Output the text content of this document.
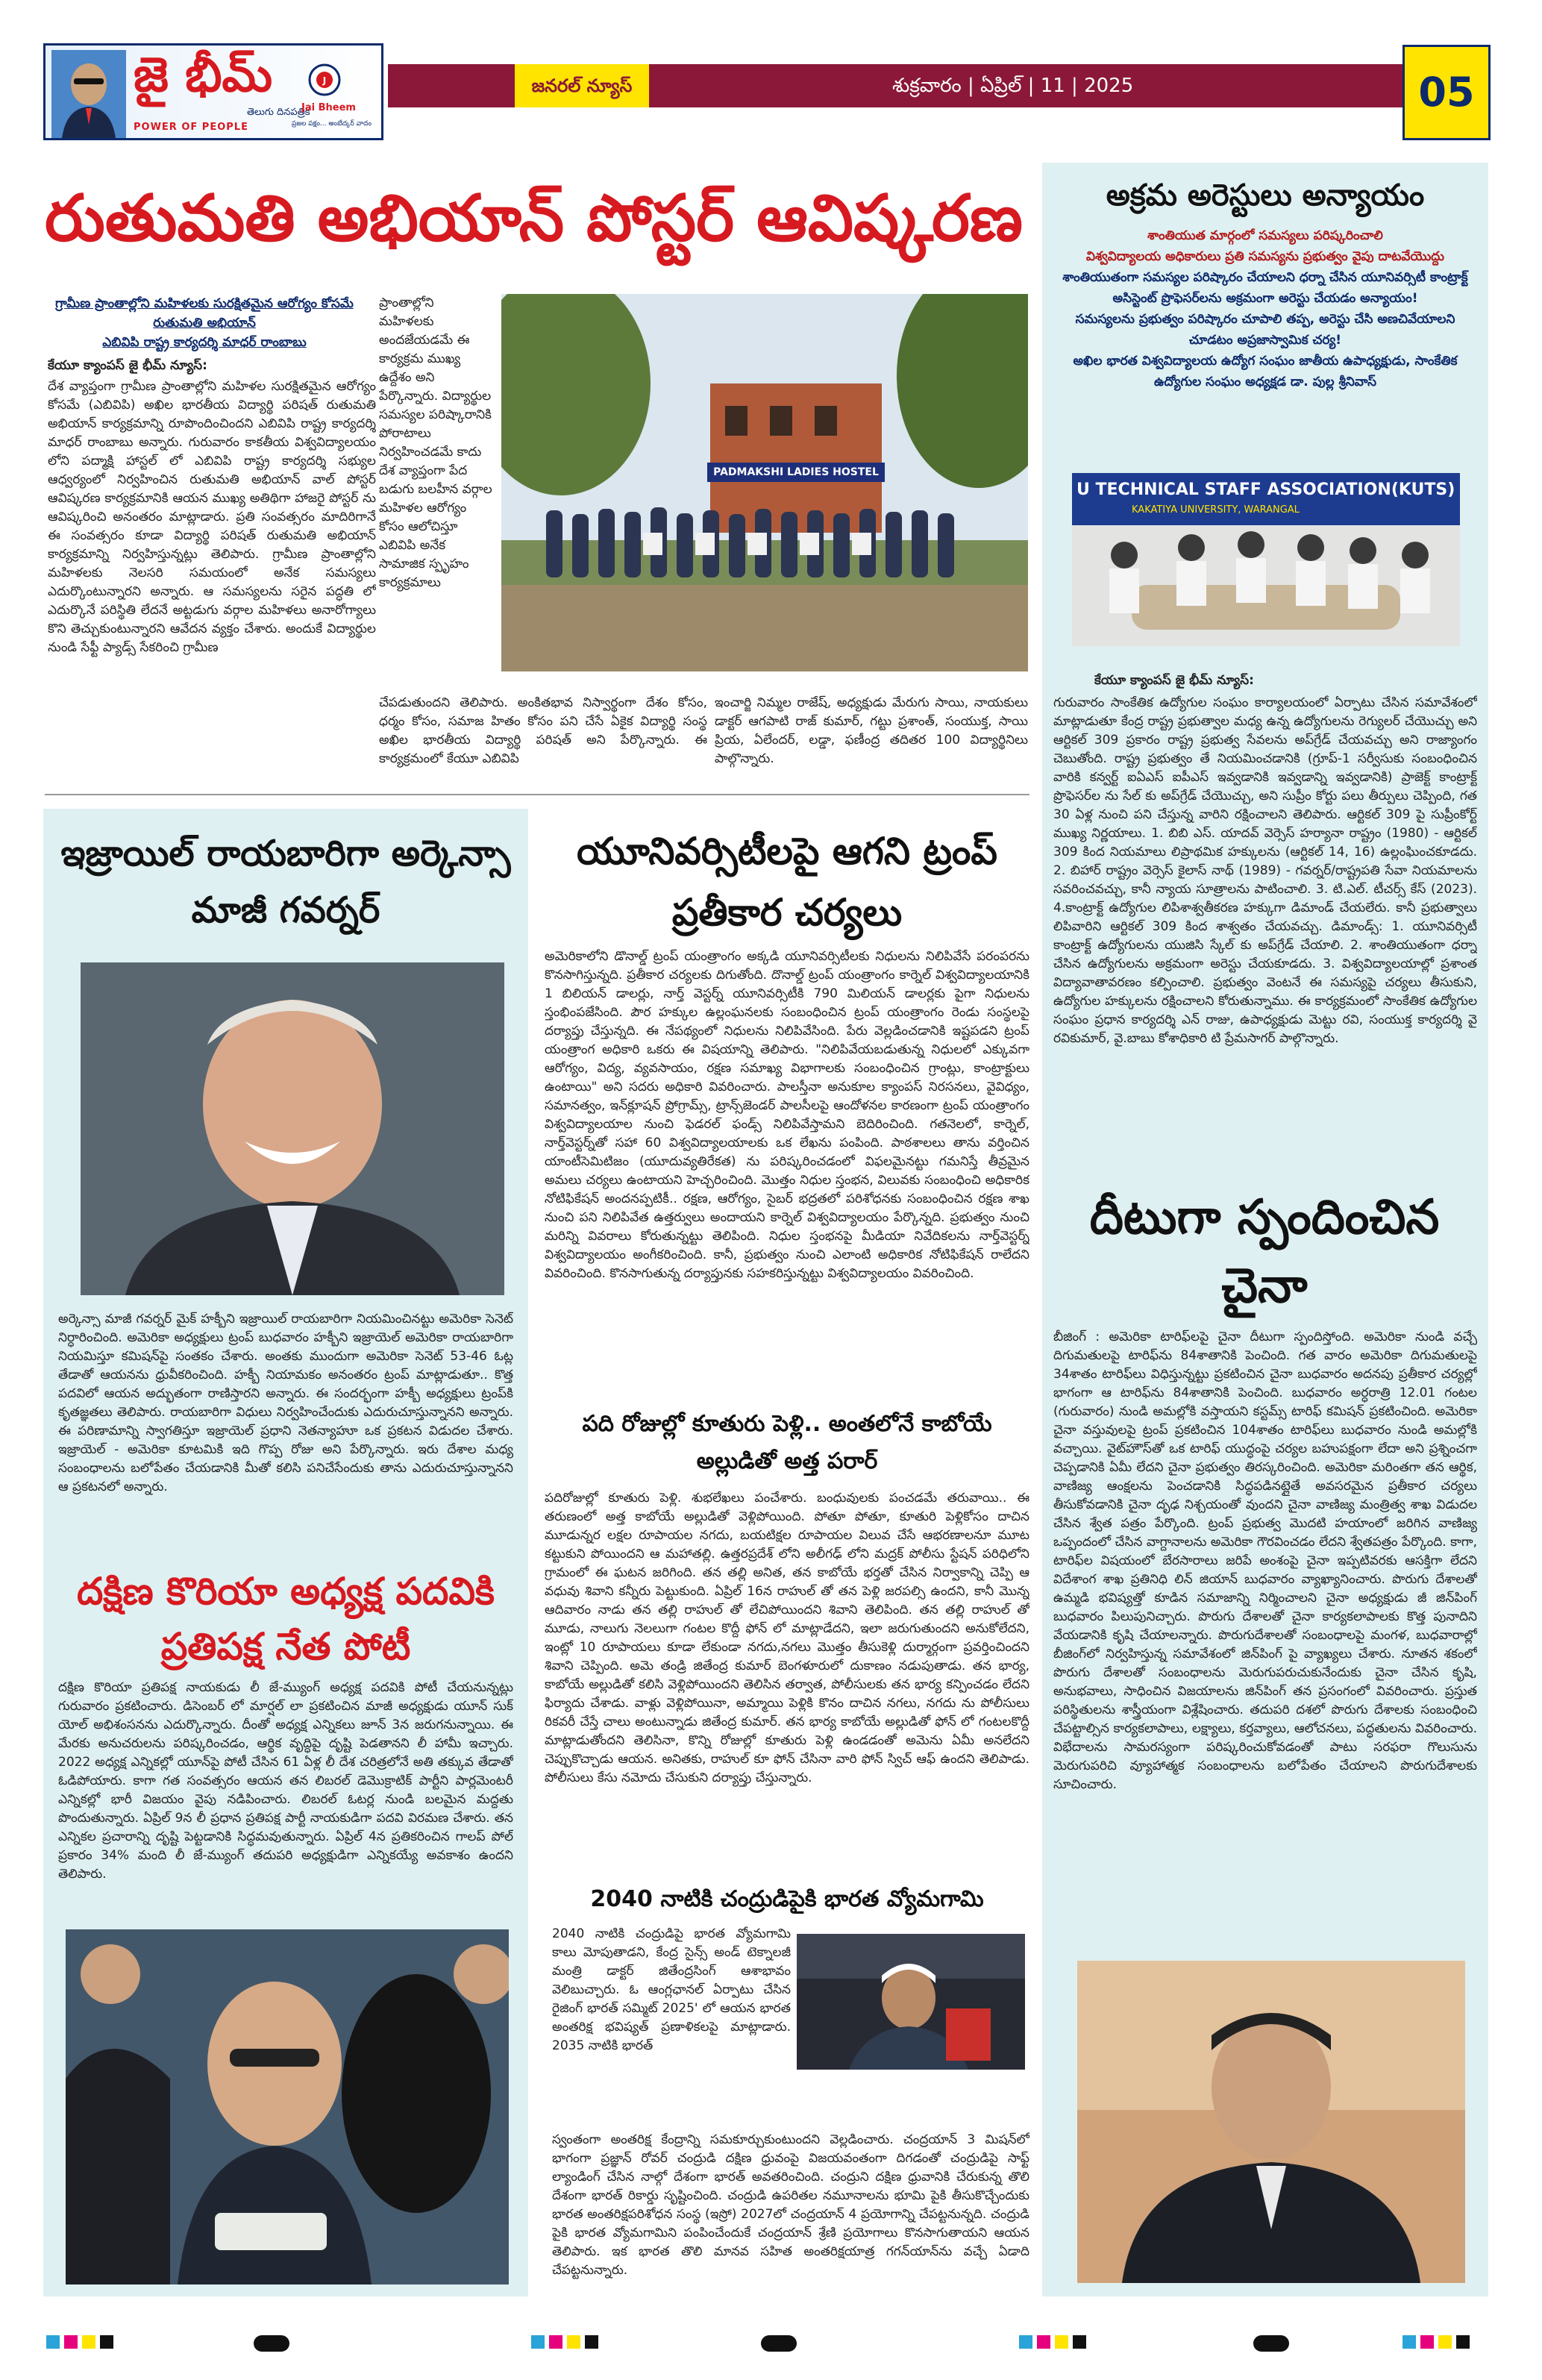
జై భీమ్
తెలుగు దినపత్రిక
POWER OF PEOPLE
J
Jai Bheem
ప్రజల పక్షం... అంబేద్కర్ వాదం
జనరల్ న్యూస్	శుక్రవారం | ఏప్రిల్ | 11 | 2025	05
రుతుమతి అభియాన్ పోస్టర్ ఆవిష్కరణ
గ్రామీణ ప్రాంతాల్లోని మహిళలకు సురక్షితమైన ఆరోగ్యం కోసమే రుతుమతి అభియాన్
ఎబివిపి రాష్ట్ర కార్యదర్శి మాధర్ రాంబాబు
కేయూ క్యాంపస్ జై భీమ్ న్యూస్:
దేశ వ్యాప్తంగా గ్రామీణ ప్రాంతాల్లోని మహిళల సురక్షితమైన ఆరోగ్యం కోసమే (ఎబివిపి) అఖిల భారతీయ విద్యార్థి పరిషత్ రుతుమతి అభియాన్ కార్యక్రమాన్ని రూపొందించిందని ఎబివిపి రాష్ట్ర కార్యదర్శి మాధర్ రాంబాబు అన్నారు. గురువారం కాకతీయ విశ్వవిద్యాలయం లోని పద్మాక్షి హాస్టల్ లో ఎబివిపి రాష్ట్ర కార్యదర్శి సభ్యుల ఆధ్వర్యంలో నిర్వహించిన రుతుమతి అభియాన్ వాల్ పోస్టర్ ఆవిష్కరణ కార్యక్రమానికి ఆయన ముఖ్య అతిథిగా హాజరై పోస్టర్ ను ఆవిష్కరించి అనంతరం మాట్లాడారు. ప్రతి సంవత్సరం మాదిరిగానే ఈ సంవత్సరం కూడా విద్యార్థి పరిషత్ రుతుమతి అభియాన్ కార్యక్రమాన్ని నిర్వహిస్తున్నట్లు తెలిపారు. గ్రామీణ ప్రాంతాల్లోని మహిళలకు నెలసరి సమయంలో అనేక సమస్యలు ఎదుర్కొంటున్నారని అన్నారు. ఆ సమస్యలను సరైన పద్ధతి లో ఎదుర్కొనే పరిస్థితి లేదనే అట్టడుగు వర్గాల మహిళలు అనారోగ్యాలు కొని తెచ్చుకుంటున్నారని ఆవేదన వ్యక్తం చేశారు. అందుకే విద్యార్థుల నుండి సేఫ్టీ ప్యాడ్స్ సేకరించి గ్రామీణ
ప్రాంతాల్లోని మహిళలకు అందజేయడమే ఈ కార్యక్రమ ముఖ్య ఉద్దేశం అని పేర్కొన్నారు. విద్యార్థుల సమస్యల పరిష్కారానికి పోరాటాలు నిర్వహించడమే కాదు దేశ వ్యాప్తంగా పేద బడుగు బలహీన వర్గాల మహిళల ఆరోగ్యం కోసం ఆలోచిస్తూ ఎబివిపి అనేక సామాజిక స్పృహం కార్యక్రమాలు
చేపడుతుందని తెలిపారు. అంకితభావ నిస్వార్థంగా దేశం కోసం, ధర్మం కోసం, సమాజ హితం కోసం పని చేసే ఏకైక విద్యార్థి సంస్థ అఖిల భారతీయ విద్యార్థి పరిషత్ అని పేర్కొన్నారు. ఈ కార్యక్రమంలో కేయూ ఎబివిపి
ఇంచార్జి నిమ్మల రాజేష్, అధ్యక్షుడు మేరుగు సాయి, నాయకులు డాక్టర్ ఆగపాటి రాజ్ కుమార్, గట్టు ప్రశాంత్, సంయుక్త, సాయి ప్రియ, ఏలేందర్, లడ్డా, ఫణీంద్ర తదితర 100 విద్యార్థినిలు పాల్గొన్నారు.
PADMAKSHI LADIES HOSTEL
అక్రమ అరెస్టులు అన్యాయం
శాంతియుత మార్గంలో సమస్యలు పరిష్కరించాలి
విశ్వవిద్యాలయ అధికారులు ప్రతి సమస్యను ప్రభుత్వం వైపు దాటవేయొద్దు
శాంతియుతంగా సమస్యల పరిష్కారం చేయాలని ధర్నా చేసిన యూనివర్సిటీ కాంట్రాక్ట్ అసిస్టెంట్ ప్రొఫెసర్‌లను అక్రమంగా అరెస్టు చేయడం అన్యాయం!
సమస్యలను ప్రభుత్వం పరిష్కారం చూపాలి తప్ప, అరెస్టు చేసి అణచివేయాలని చూడటం అప్రజాస్వామిక చర్య!
అఖిల భారత విశ్వవిద్యాలయ ఉద్యోగ సంఘం జాతీయ ఉపాధ్యక్షుడు, సాంకేతిక ఉద్యోగుల సంఘం అధ్యక్షడ డా. పుల్ల శ్రీనివాస్
U TECHNICAL STAFF ASSOCIATION(KUTS)
KAKATIYA UNIVERSITY, WARANGAL
కేయూ క్యాంపస్ జై భీమ్ న్యూస్:
గురువారం సాంకేతిక ఉద్యోగుల సంఘం కార్యాలయంలో ఏర్పాటు చేసిన సమావేశంలో మాట్లాడుతూ కేంద్ర రాష్ట్ర ప్రభుత్వాల మధ్య ఉన్న ఉద్యోగులను రెగ్యులర్ చేయొచ్చు అని ఆర్టికల్ 309 ప్రకారం రాష్ట్ర ప్రభుత్వ సేవలను అప్‌గ్రేడ్ చేయవచ్చు అని రాజ్యాంగం చెబుతోంది. రాష్ట్ర ప్రభుత్వం తే నియమించడానికి (గ్రూప్-1 సర్వీసుకు సంబంధించిన వారికి కన్వర్ట్ ఐఏఎస్ ఐపీఎస్ ఇవ్వడానికి ఇవ్వడాన్ని ఇవ్వడానికి) ప్రాజెక్ట్ కాంట్రాక్ట్ ప్రొఫెసర్‌ల ను సేల్ కు అప్‌గ్రేడ్ చేయొచ్చు, అని సుప్రీం కోర్టు పలు తీర్పులు చెప్పింది, గత 30 ఏళ్ల నుంచి పని చేస్తున్న వారిని రక్షించాలని తెలిపారు. ఆర్టికల్ 309 పై సుప్రీంకోర్ట్ ముఖ్య నిర్ణయాలు. 1. బిబి ఎస్. యాదవ్ వెర్సెస్ హర్యానా రాష్ట్రం (1980) - ఆర్టికల్ 309 కింద నియమాలు లిప్రాథమిక హక్కులను (ఆర్టికల్ 14, 16) ఉల్లంఘించకూడదు. 2. బిహార్ రాష్ట్రం వెర్సెస్ కైలాస్ నాథ్ (1989) - గవర్నర్/రాష్ట్రపతి సేవా నియమాలను సవరించవచ్చు, కానీ న్యాయ సూత్రాలను పాటించాలి. 3. టి.ఎల్. టీచర్స్ కేస్ (2023). 4.కాంట్రాక్ట్ ఉద్యోగుల లిపిశాశ్వతీకరణ హక్కుగా డిమాండ్ చేయలేరు. కానీ ప్రభుత్వాలు లిపివారిని ఆర్టికల్ 309 కింద శాశ్వతం చేయవచ్చు. డిమాండ్స్: 1. యూనివర్సిటీ కాంట్రాక్ట్ ఉద్యోగులను యుజిసి స్కేల్ కు అప్‌గ్రేడ్ చేయాలి. 2. శాంతియుతంగా ధర్నా చేసిన ఉద్యోగులను అక్రమంగా అరెస్టు చేయకూడదు. 3. విశ్వవిద్యాలయాల్లో ప్రశాంత విద్యావాతావరణం కల్పించాలి. ప్రభుత్వం వెంటనే ఈ సమస్యపై చర్యలు తీసుకుని, ఉద్యోగుల హక్కులను రక్షించాలని కోరుతున్నాము. ఈ కార్యక్రమంలో సాంకేతిక ఉద్యోగుల సంఘం ప్రధాన కార్యదర్శి ఎన్ రాజు, ఉపాధ్యక్షుడు మెట్టు రవి, సంయుక్త కార్యదర్శి వై రవికుమార్, వై.బాబు కోశాధికారి టి ప్రేమసాగర్ పాల్గొన్నారు.
దీటుగా స్పందించిన చైనా
బీజింగ్ : అమెరికా టారిఫ్‌లపై చైనా దీటుగా స్పందిస్తోంది. అమెరికా నుండి వచ్చే దిగుమతులపై టారిఫ్‌ను 84శాతానికి పెంచింది. గత వారం అమెరికా దిగుమతులపై 34శాతం టారిఫ్‌లు విధిస్తున్నట్టు ప్రకటించిన చైనా బుధవారం అదనపు ప్రతీకార చర్యల్లో భాగంగా ఆ టారిఫ్‌ను 84శాతానికి పెంచింది. బుధవారం అర్ధరాత్రి 12.01 గంటల (గురువారం) నుండి అమల్లోకి వస్తాయని కస్టమ్స్ టారిఫ్ కమిషన్ ప్రకటించింది. అమెరికా చైనా వస్తువులపై ట్రంప్ ప్రకటించిన 104శాతం టారిఫ్‌లు బుధవారం నుండి అమల్లోకి వచ్చాయి. వైట్‌హౌస్‌తో ఒక టారిఫ్ యుద్ధంపై చర్యల బహుపక్షంగా లేదా అని ప్రశ్నించగా చెప్పడానికి ఏమీ లేదని చైనా ప్రభుత్వం తిరస్కరించింది. అమెరికా మరింతగా తన ఆర్థిక, వాణిజ్య ఆంక్షలను పెంచడానికి సిద్ధపడినట్లైతే అవసరమైన ప్రతీకార చర్యలు తీసుకోవడానికి చైనా దృఢ నిశ్చయంతో వుందని చైనా వాణిజ్య మంత్రిత్వ శాఖ విడుదల చేసిన శ్వేత పత్రం పేర్కొంది. ట్రంప్ ప్రభుత్వ మొదటి హయాంలో జరిగిన వాణిజ్య ఒప్పందంలో చేసిన వాగ్దానాలను అమెరికా గౌరవించడం లేదని శ్వేతపత్రం పేర్కొంది. కాగా, టారిఫ్‌ల విషయంలో బేరసారాలు జరిపే అంశంపై చైనా ఇప్పటివరకు ఆసక్తిగా లేదని విదేశాంగ శాఖ ప్రతినిధి లిన్ జియాన్ బుధవారం వ్యాఖ్యానించారు. పొరుగు దేశాలతో ఉమ్మడి భవిష్యత్తో కూడిన సమాజాన్ని నిర్మించాలని చైనా అధ్యక్షుడు జీ జిన్‌పింగ్ బుధవారం పిలుపునిచ్చారు. పొరుగు దేశాలతో చైనా కార్యకలాపాలకు కొత్త పునాదిని వేయడానికి కృషి చేయాలన్నారు. పొరుగుదేశాలతో సంబంధాలపై మంగళ, బుధవారాల్లో బీజింగ్‌లో నిర్వహిస్తున్న సమావేశంలో జిన్‌పింగ్ పై వ్యాఖ్యలు చేశారు. నూతన శకంలో పొరుగు దేశాలతో సంబంధాలను మెరుగుపరుచుకునేందుకు చైనా చేసిన కృషి, అనుభవాలు, సాధించిన విజయాలను జిన్‌పింగ్ తన ప్రసంగంలో వివరించారు. ప్రస్తుత పరిస్థితులను శాస్త్రీయంగా విశ్లేషించారు. తదుపరి దశలో పొరుగు దేశాలకు సంబంధించి చేపట్టాల్సిన కార్యకలాపాలు, లక్ష్యాలు, కర్తవ్యాలు, ఆలోచనలు, పద్ధతులను వివరించారు. విభేదాలను సామరస్యంగా పరిష్కరించుకోవడంతో పాటు సరఫరా గొలుసును మెరుగుపరిచి వ్యూహాత్మక సంబంధాలను బలోపేతం చేయాలని పొరుగుదేశాలకు సూచించారు.
ఇజ్రాయిల్ రాయబారిగా అర్కెన్సా మాజీ గవర్నర్
అర్కెన్సా మాజీ గవర్నర్ మైక్ హక్బీని ఇజ్రాయిల్ రాయబారిగా నియమించినట్టు అమెరికా సెనెట్ నిర్ధారించింది. అమెరికా అధ్యక్షులు ట్రంప్ బుధవారం హక్బీని ఇజ్రాయెల్ అమెరికా రాయబారిగా నియమిస్తూ కమిషన్‌పై సంతకం చేశారు. అంతకు ముందుగా అమెరికా సెనెట్ 53-46 ఓట్ల తేడాతో ఆయనను ధ్రువీకరించింది. హక్బీ నియామకం అనంతరం ట్రంప్ మాట్లాడుతూ.. కొత్త పదవిలో ఆయన అద్భుతంగా రాణిస్తారని అన్నారు. ఈ సందర్భంగా హక్బీ అధ్యక్షులు ట్రంప్‌కి కృతజ్ఞతలు తెలిపారు. రాయబారిగా విధులు నిర్వహించేందుకు ఎదురుచూస్తున్నానని అన్నారు. ఈ పరిణామాన్ని స్వాగతిస్తూ ఇజ్రాయెల్ ప్రధాని నెతన్యాహూ ఒక ప్రకటన విడుదల చేశారు. ఇజ్రాయెల్ - అమెరికా కూటమికి ఇది గొప్ప రోజు అని పేర్కొన్నారు. ఇరు దేశాల మధ్య సంబంధాలను బలోపేతం చేయడానికి మీతో కలిసి పనిచేసేందుకు తాను ఎదురుచూస్తున్నానని ఆ ప్రకటనలో అన్నారు.
దక్షిణ కొరియా అధ్యక్ష పదవికి ప్రతిపక్ష నేత పోటీ
దక్షిణ కొరియా ప్రతిపక్ష నాయకుడు లీ జే-మ్యుంగ్ అధ్యక్ష పదవికి పోటీ చేయనున్నట్లు గురువారం ప్రకటించారు. డిసెంబర్ లో మార్షల్ లా ప్రకటించిన మాజీ అధ్యక్షుడు యూన్ సుక్ యోల్ అభిశంసనను ఎదుర్కొన్నారు. దీంతో అధ్యక్ష ఎన్నికలు జూన్ 3న జరుగనున్నాయి. ఈ మేరకు అనుచరులను పరిష్కరించడం, ఆర్థిక వృద్ధిపై దృష్టి పెడతానని లీ హామీ ఇచ్చారు. 2022 అధ్యక్ష ఎన్నికల్లో యూన్‌పై పోటీ చేసిన 61 ఏళ్ల లీ దేశ చరిత్రలోనే అతి తక్కువ తేడాతో ఓడిపోయారు. కాగా గత సంవత్సరం ఆయన తన లిబరల్ డెమొక్రాటిక్ పార్టీని పార్లమెంటరీ ఎన్నికల్లో భారీ విజయం వైపు నడిపించారు. లిబరల్ ఓటర్ల నుండి బలమైన మద్దతు పొందుతున్నారు. ఏప్రిల్ 9న లీ ప్రధాన ప్రతిపక్ష పార్టీ నాయకుడిగా పదవి విరమణ చేశారు. తన ఎన్నికల ప్రచారాన్ని దృష్టి పెట్టడానికి సిద్ధమవుతున్నారు. ఏప్రిల్ 4న ప్రతికరించిన గాలప్ పోల్ ప్రకారం 34% మంది లీ జే-మ్యుంగ్ తదుపరి అధ్యక్షుడిగా ఎన్నికయ్యే అవకాశం ఉందని తెలిపారు.
యూనివర్సిటీలపై ఆగని ట్రంప్ ప్రతీకార చర్యలు
అమెరికాలోని డొనాల్డ్ ట్రంప్ యంత్రాంగం అక్కడి యూనివర్సిటీలకు నిధులను నిలిపివేసే పరంపరను కొనసాగిస్తున్నది. ప్రతీకార చర్యలకు దిగుతోంది. దొనాల్డ్ ట్రంప్ యంత్రాంగం కార్నెల్ విశ్వవిద్యాలయానికి 1 బిలియన్ డాలర్లు, నార్త్ వెస్టర్న్ యూనివర్సిటీకి 790 మిలియన్ డాలర్లకు పైగా నిధులను స్తంభింపజేసింది. పౌర హక్కుల ఉల్లంఘనలకు సంబంధించిన ట్రంప్ యంత్రాంగం రెండు సంస్థలపై దర్యాప్తు చేస్తున్నది. ఈ నేపథ్యంలో నిధులను నిలిపివేసింది. పేరు వెల్లడించడానికి ఇష్టపడని ట్రంప్ యంత్రాంగ అధికారి ఒకరు ఈ విషయాన్ని తెలిపారు. "నిలిపివేయబడుతున్న నిధులలో ఎక్కువగా ఆరోగ్యం, విద్య, వ్యవసాయం, రక్షణ సమాఖ్య విభాగాలకు సంబంధించిన గ్రాంట్లు, కాంట్రాక్టులు ఉంటాయి" అని సదరు అధికారి వివరించారు. పాలస్తీనా అనుకూల క్యాంపస్ నిరసనలు, వైవిధ్యం, సమానత్వం, ఇన్‌క్లూషన్ ప్రోగ్రామ్స్, ట్రాన్స్‌జెండర్ పాలసీలపై ఆందోళనల కారణంగా ట్రంప్ యంత్రాంగం విశ్వవిద్యాలయాల నుంచి ఫెడరల్ ఫండ్స్ నిలిపివేస్తామని బెదిరించింది. గతనెలలో, కార్నెల్, నార్త్‌వెస్టర్న్‌తో సహా 60 విశ్వవిద్యాలయాలకు ఒక లేఖను పంపింది. పాఠశాలలు తాను వర్తించిన యాంటీసెమిటిజం (యూదువ్యతిరేకత) ను పరిష్కరించడంలో విఫలమైనట్టు గమనిస్తే తీవ్రమైన అమలు చర్యలు ఉంటాయని హెచ్చరించింది. మొత్తం నిధుల స్తంభన, విలువకు సంబంధించి అధికారిక నోటిఫికేషన్ అందనప్పటికీ.. రక్షణ, ఆరోగ్యం, సైబర్ భద్రతలో పరిశోధనకు సంబంధించిన రక్షణ శాఖ నుంచి పని నిలిపివేత ఉత్తర్వులు అందాయని కార్నెల్ విశ్వవిద్యాలయం పేర్కొన్నది. ప్రభుత్వం నుంచి మరిన్ని వివరాలు కోరుతున్నట్టు తెలిపింది. నిధుల స్తంభనపై మీడియా నివేదికలను నార్త్‌వెస్టర్న్ విశ్వవిద్యాలయం అంగీకరించింది. కానీ, ప్రభుత్వం నుంచి ఎలాంటి అధికారిక నోటిఫికేషన్ రాలేదని వివరించింది. కొనసాగుతున్న దర్యాప్తునకు సహకరిస్తున్నట్టు విశ్వవిద్యాలయం వివరించింది.
పది రోజుల్లో కూతురు పెళ్లి.. అంతలోనే కాబోయే అల్లుడితో అత్త పరార్
పదిరోజుల్లో కూతురు పెళ్లి. శుభలేఖలు పంచేశారు. బంధువులకు పంచడమే తరువాయి.. ఈ తరుణంలో అత్త కాబోయే అల్లుడితో వెళ్లిపోయింది. పోతూ పోతూ, కూతురి పెళ్లికోసం దాచిన మూడున్నర లక్షల రూపాయల నగదు, బయటిక్షల రూపాయల విలువ చేసే ఆభరణాలనూ మూట కట్టుకుని పోయిందని ఆ మహాతల్లి. ఉత్తరప్రదేశ్ లోని అలీగఢ్ లోని మద్రక్ పోలీసు స్టేషన్ పరిధిలోని గ్రామంలో ఈ ఘటన జరిగింది. తన తల్లి అనిత, తన కాబోయే భర్తతో చేసిన నిర్వాకాన్ని చెప్పి ఆ వధువు శివాని కన్నీరు పెట్టుకుంది. ఏప్రిల్ 16న రాహుల్ తో తన పెళ్లి జరపల్సి ఉందని, కానీ మొన్న ఆదివారం నాడు తన తల్లి రాహుల్ తో లేచిపోయిందని శివాని తెలిపింది. తన తల్లి రాహుల్ తో మూడు, నాలుగు నెలలుగా గంటల కొద్దీ ఫోన్ లో మాట్లాడేదని, ఇలా జరుగుతుందని అనుకోలేదని, ఇంట్లో 10 రూపాయలు కూడా లేకుండా నగదు,నగలు మొత్తం తీసుకెళ్లి దుర్మార్గంగా ప్రవర్తించిందని శివాని చెప్పింది. అమె తండ్రి జితేంద్ర కుమార్ బెంగళూరులో దుకాణం నడుపుతాడు. తన భార్య, కాబోయే అల్లుడితో కలిసి వెళ్లిపోయిందని తెలిసిన తర్వాత, పోలీసులకు తన భార్య కన్పించడం లేదని ఫిర్యాదు చేశాడు. వాళ్లు వెళ్లిపోయినా, అమ్మాయి పెళ్లికి కొనం దాచిన నగలు, నగదు ను పోలీసులు రికవరీ చేస్తే చాలు అంటున్నాడు జితేంద్ర కుమార్. తన భార్య కాబోయే అల్లుడితో ఫోన్ లో గంటలకొద్దీ మాట్లాడుతోందని తెలిసినా, కొన్ని రోజుల్లో కూతురు పెళ్లి ఉండడంతో అమెను ఏమీ అనలేదని చెప్పుకొచ్చాడు ఆయన. అనితకు, రాహుల్ కూ ఫోన్ చేసినా వారి ఫోన్ స్విచ్ ఆఫ్ ఉందని తెలిపాడు. పోలీసులు కేసు నమోదు చేసుకుని దర్యాప్తు చేస్తున్నారు.
2040 నాటికి చంద్రుడిపైకి భారత వ్యోమగామి
2040 నాటికి చంద్రుడిపై భారత వ్యోమగామి కాలు మోపుతాడని, కేంద్ర సైన్స్ అండ్ టెక్నాలజీ మంత్రి డాక్టర్ జితేంద్రసింగ్ ఆశాభావం వెలిబుచ్చారు. ఓ ఆంగ్లఛానల్ ఏర్పాటు చేసిన రైజింగ్ భారత్ సమ్మిట్ 2025' లో ఆయన భారత అంతరిక్ష భవిష్యత్ ప్రణాళికలపై మాట్లాడారు. 2035 నాటికి భారత్
స్వంతంగా అంతరిక్ష కేంద్రాన్ని సమకూర్చుకుంటుందని వెల్లడించారు. చంద్రయాన్ 3 మిషన్‌లో భాగంగా ప్రజ్ఞాన్ రోవర్ చంద్రుడి దక్షిణ ధ్రువంపై విజయవంతంగా దిగడంతో చంద్రుడిపై సాఫ్ట్ ల్యాండింగ్ చేసిన నాల్గో దేశంగా భారత్ అవతరించింది. చంద్రుని దక్షిణ ధ్రువానికి చేరుకున్న తొలి దేశంగా భారత్ రికార్డు సృష్టించింది. చంద్రుడి ఉపరితల నమూనాలను భూమి పైకి తీసుకొచ్చేందుకు భారత అంతరిక్షపరిశోధన సంస్థ (ఇస్రో) 2027లో చంద్రయాన్ 4 ప్రయోగాన్ని చేపట్టనున్నది. చంద్రుడి పైకి భారత వ్యోమగామిని పంపించేందుకే చంద్రయాన్ శ్రేణి ప్రయోగాలు కొనసాగుతాయని ఆయన తెలిపారు. ఇక భారత తొలి మానవ సహిత అంతరిక్షయాత్ర గగన్‌యాన్‌ను వచ్చే ఏడాది చేపట్టనున్నారు.
